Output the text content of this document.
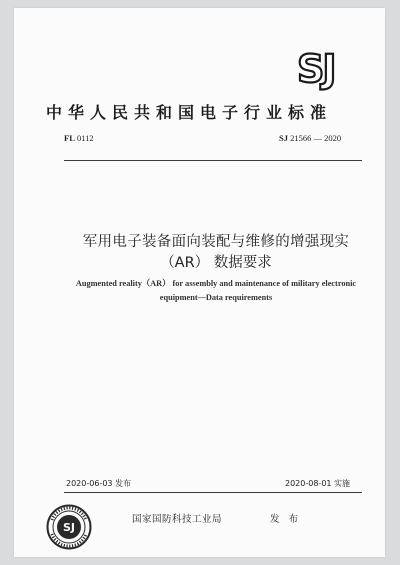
SJ
中华人民共和国电子行业标准
FL 0112	SJ 21566 — 2020
军用电子装备面向装配与维修的增强现实
（AR） 数据要求
Augmented reality（AR） for assembly and maintenance of military electronic
equipment—Data requirements
2020-06-03 发布	2020-08-01 实施
SJ
国家国防科技工业局	发 布
